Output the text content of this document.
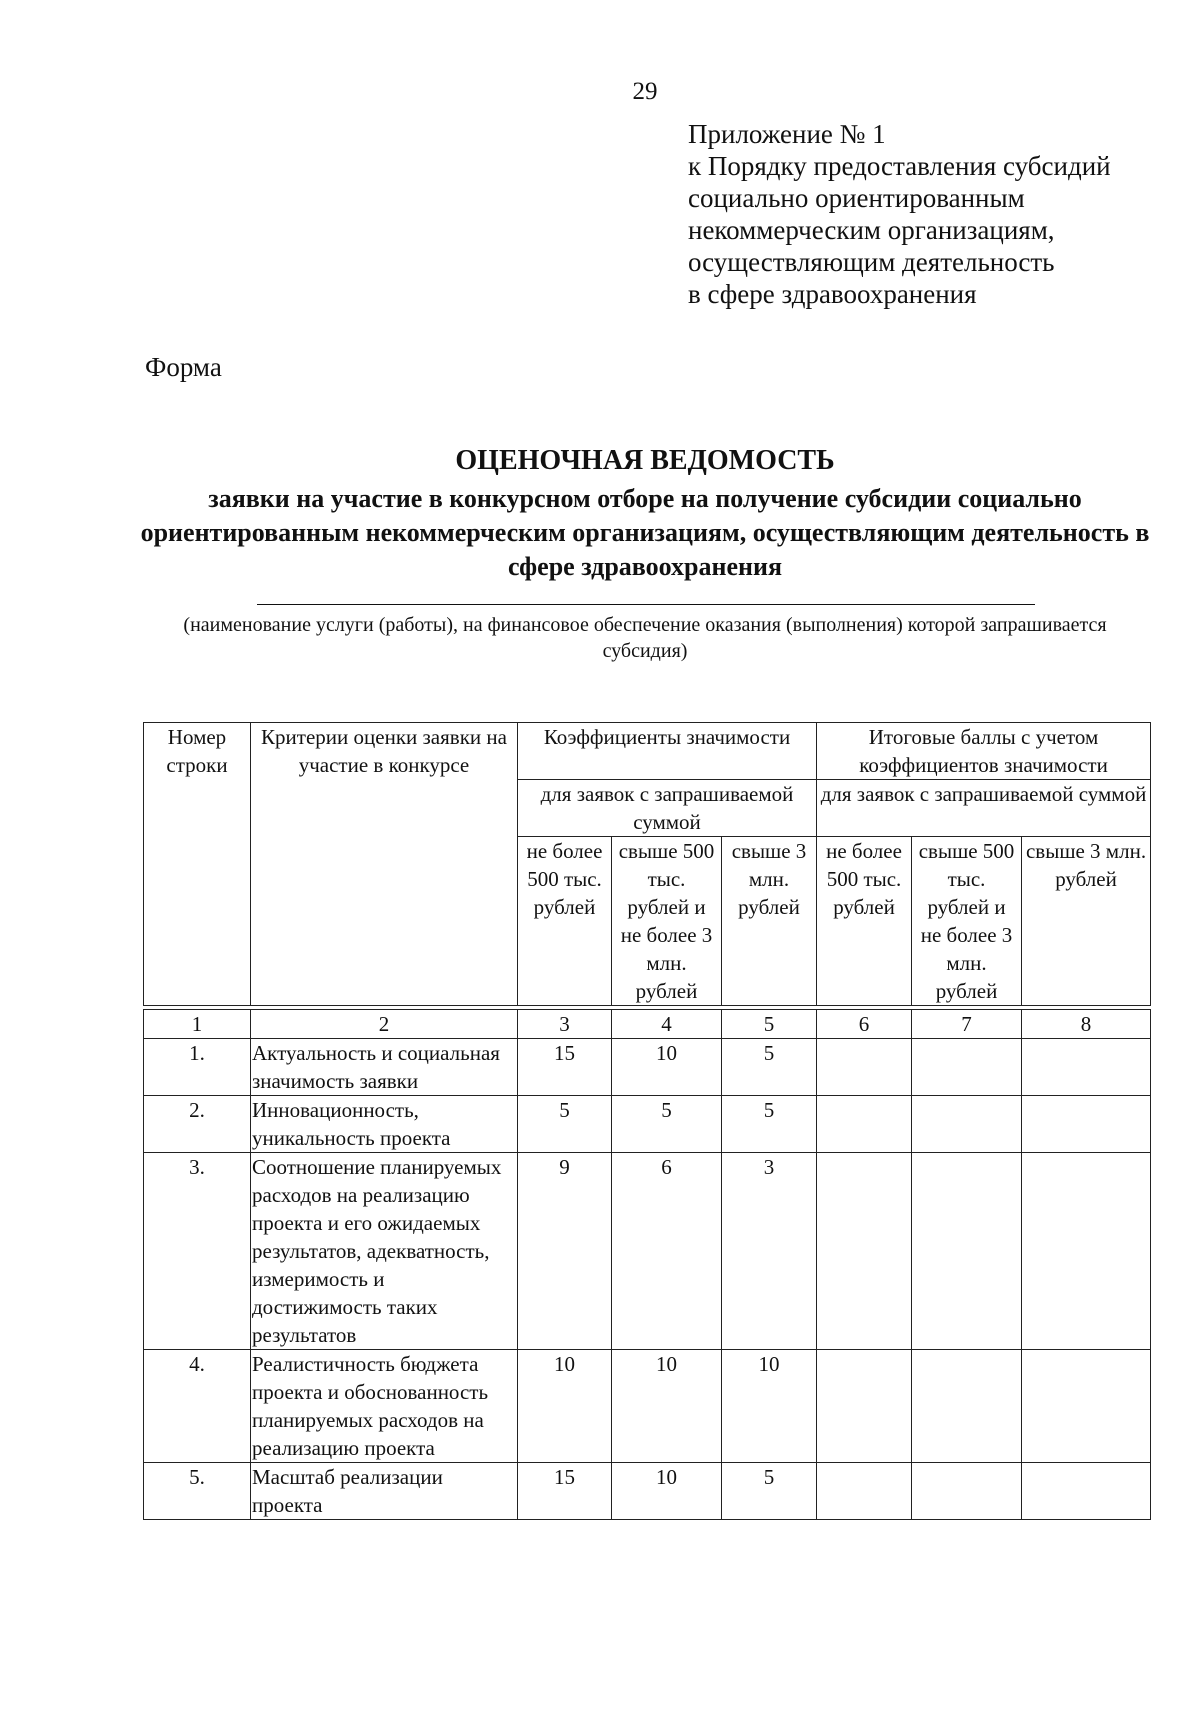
29
Приложение № 1
к Порядку предоставления субсидий
социально ориентированным
некоммерческим организациям,
осуществляющим деятельность
в сфере здравоохранения
Форма
ОЦЕНОЧНАЯ ВЕДОМОСТЬ
заявки на участие в конкурсном отборе на получение субсидии социально ориентированным некоммерческим организациям, осуществляющим деятельность в сфере здравоохранения
(наименование услуги (работы), на финансовое обеспечение оказания (выполнения) которой запрашивается субсидия)
Номер строки	Критерии оценки заявки на участие в конкурсе	Коэффициенты значимости			Итоговые баллы с учетом коэффициентов значимости		
		для заявок с запрашиваемой суммой			для заявок с запрашиваемой суммой		
		не более 500 тыс. рублей	свыше 500 тыс. рублей и не более 3 млн. рублей	свыше 3 млн. рублей	не более 500 тыс. рублей	свыше 500 тыс. рублей и не более 3 млн. рублей	свыше 3 млн. рублей

1	2	3	4	5	6	7	8
1.	Актуальность и социальная значимость заявки	15	10	5			
2.	Инновационность, уникальность проекта	5	5	5			
3.	Соотношение планируемых расходов на реализацию проекта и его ожидаемых результатов, адекватность, измеримость и достижимость таких результатов	9	6	3			
4.	Реалистичность бюджета проекта и обоснованность планируемых расходов на реализацию проекта	10	10	10			
5.	Масштаб реализации проекта	15	10	5			
